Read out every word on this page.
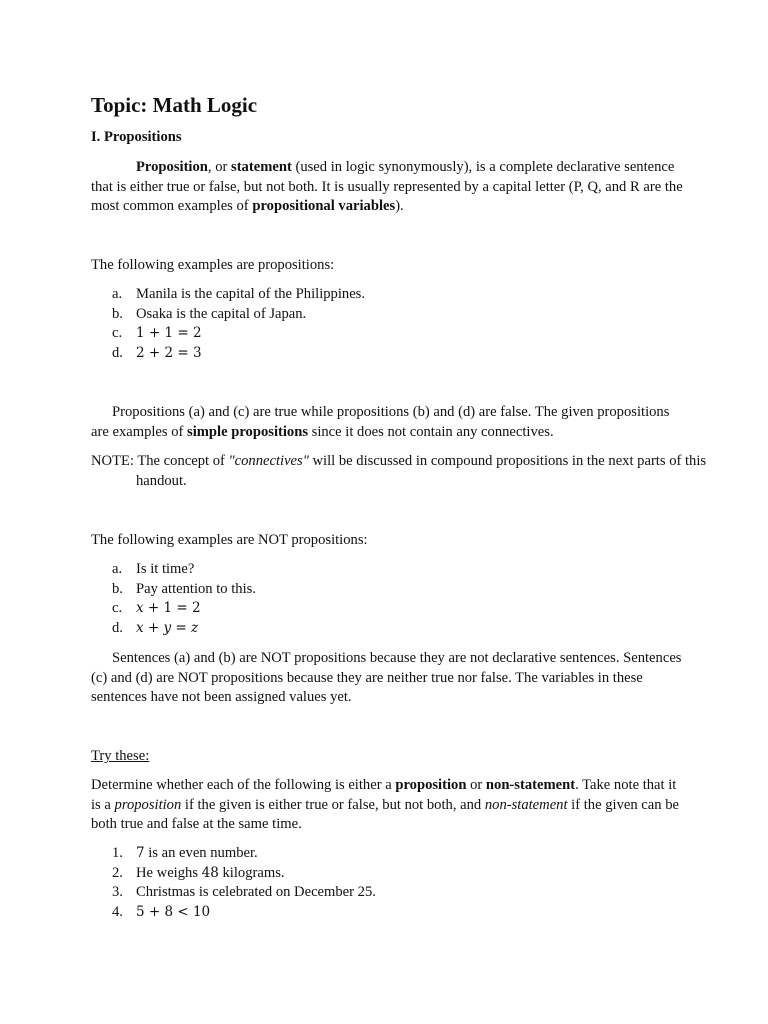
Topic: Math Logic

I. Propositions

Proposition, or statement (used in logic synonymously), is a complete declarative sentence that is either true or false, but not both. It is usually represented by a capital letter (P, Q, and R are the most common examples of propositional variables).

The following examples are propositions:

a. Manila is the capital of the Philippines.
b. Osaka is the capital of Japan.
c. 1 + 1 = 2
d. 2 + 2 = 3

Propositions (a) and (c) are true while propositions (b) and (d) are false. The given propositions are examples of simple propositions since it does not contain any connectives.

NOTE: The concept of "connectives" will be discussed in compound propositions in the next parts of this handout.

The following examples are NOT propositions:

a. Is it time?
b. Pay attention to this.
c. x + 1 = 2
d. x + y = z

Sentences (a) and (b) are NOT propositions because they are not declarative sentences. Sentences (c) and (d) are NOT propositions because they are neither true nor false. The variables in these sentences have not been assigned values yet.

Try these:

Determine whether each of the following is either a proposition or non-statement. Take note that it is a proposition if the given is either true or false, but not both, and non-statement if the given can be both true and false at the same time.

1. 7 is an even number.
2. He weighs 48 kilograms.
3. Christmas is celebrated on December 25.
4. 5 + 8 < 10
